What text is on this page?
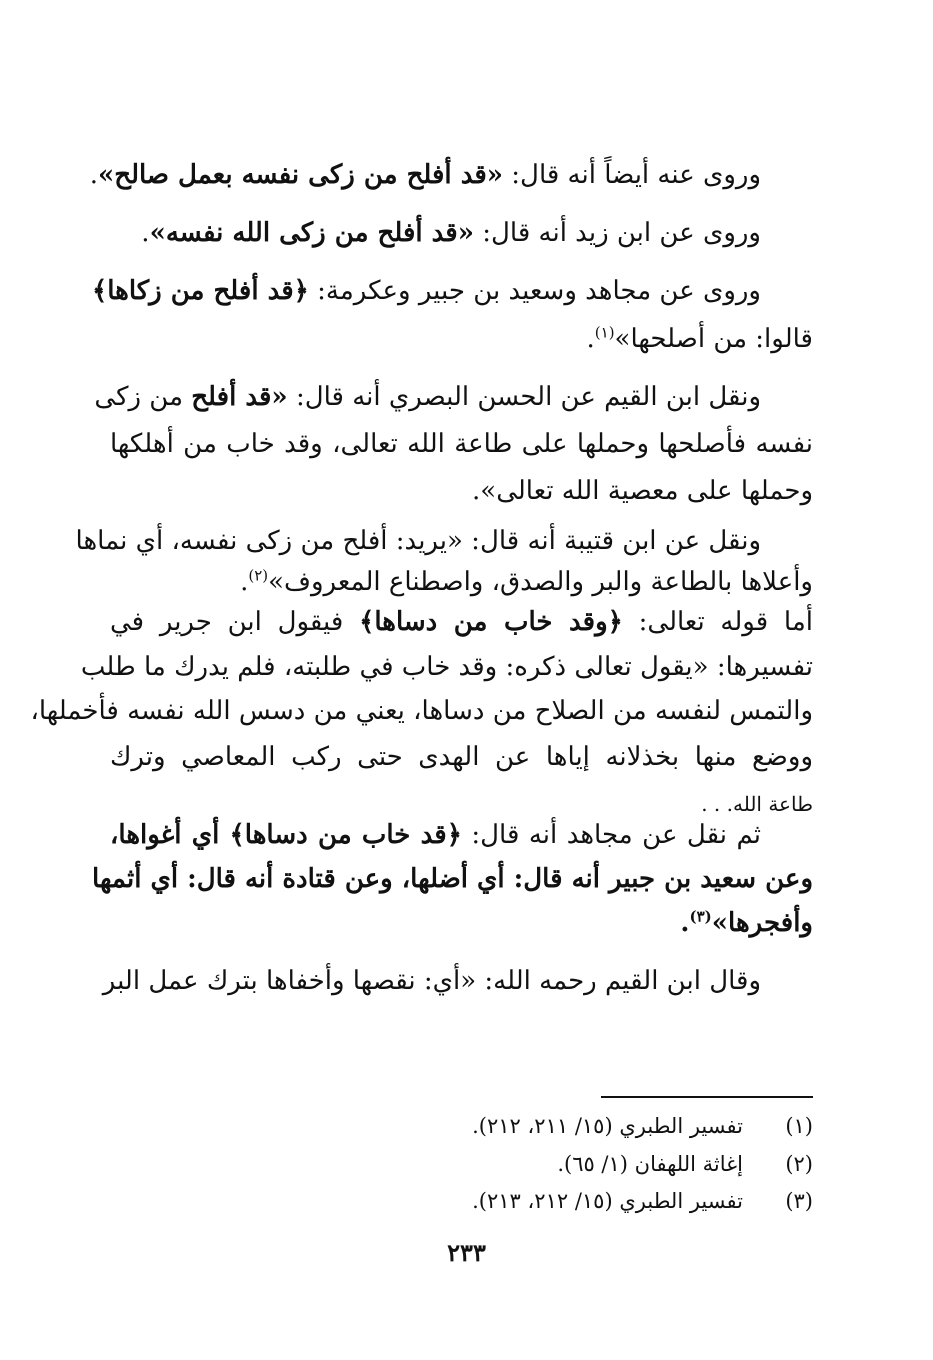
وروى عنه أيضاً أنه قال: «قد أفلح من زكى نفسه بعمل صالح».
وروى عن ابن زيد أنه قال: «قد أفلح من زكى الله نفسه».
وروى عن مجاهد وسعيد بن جبير وعكرمة: ﴿قد أفلح من زكاها﴾
قالوا: من أصلحها»$^{(١)}$.
ونقل ابن القيم عن الحسن البصري أنه قال: «قد أفلح من زكى
نفسه فأصلحها وحملها على طاعة الله تعالى، وقد خاب من أهلكها
وحملها على معصية الله تعالى».
ونقل عن ابن قتيبة أنه قال: «يريد: أفلح من زكى نفسه، أي نماها
وأعلاها بالطاعة والبر والصدق، واصطناع المعروف»$^{(٢)}$.
أما قوله تعالى: ﴿وقد خاب من دساها﴾ فيقول ابن جرير في
تفسيرها: «يقول تعالى ذكره: وقد خاب في طلبته، فلم يدرك ما طلب
والتمس لنفسه من الصلاح من دساها، يعني من دسس الله نفسه فأخملها،
ووضع منها بخذلانه إياها عن الهدى حتى ركب المعاصي وترك
طاعة الله. . .
ثم نقل عن مجاهد أنه قال: ﴿قد خاب من دساها﴾ أي أغواها،
وعن سعيد بن جبير أنه قال: أي أضلها، وعن قتادة أنه قال: أي أثمها
وأفجرها»$^{(٣)}$.
وقال ابن القيم رحمه الله: «أي: نقصها وأخفاها بترك عمل البر
(١)   تفسير الطبري (١٥/ ٢١١، ٢١٢).
(٢)   إغاثة اللهفان (١/ ٦٥).
(٣)   تفسير الطبري (١٥/ ٢١٢، ٢١٣).
٢٣٣
